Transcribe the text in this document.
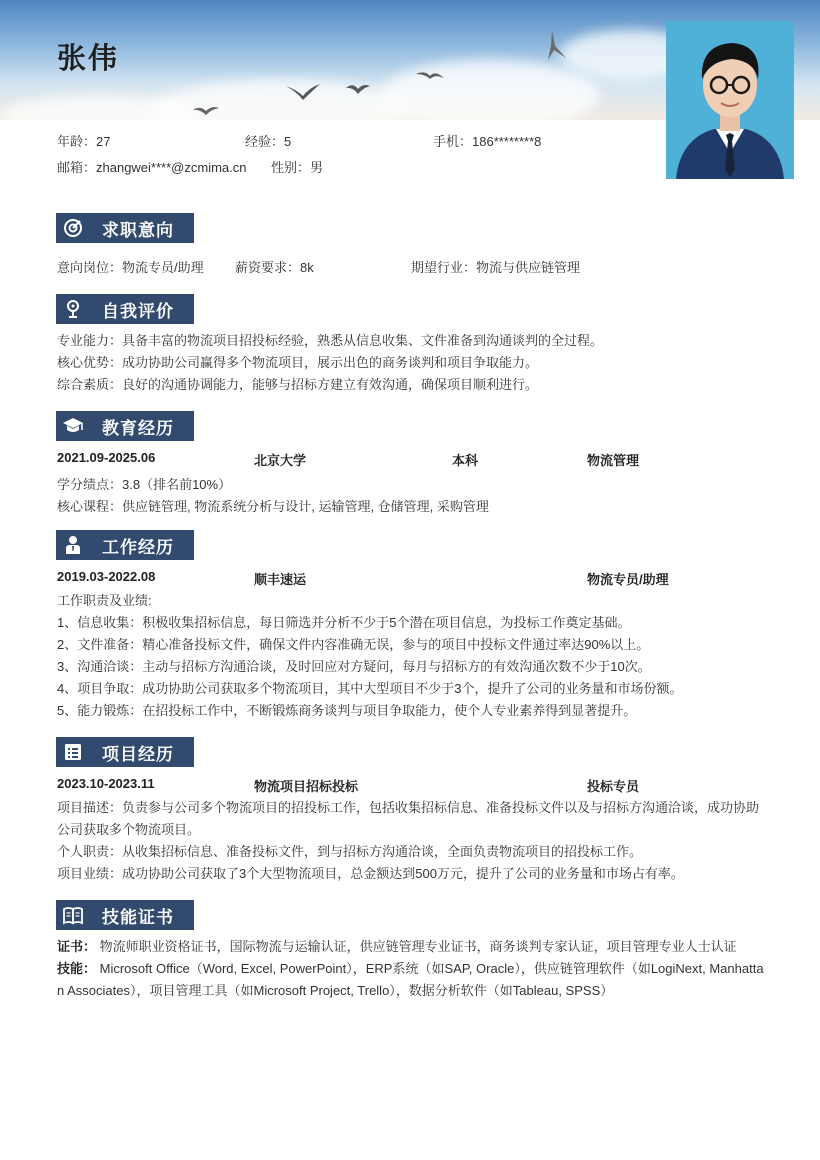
张伟
年龄：27	经验：5	手机：186********8
邮箱：zhangwei****@zcmima.cn 性别：男
求职意向
意向岗位：物流专员/助理 薪资要求：8k	期望行业：物流与供应链管理
自我评价
专业能力：具备丰富的物流项目招投标经验，熟悉从信息收集、文件准备到沟通谈判的全过程。
核心优势：成功协助公司赢得多个物流项目，展示出色的商务谈判和项目争取能力。
综合素质：良好的沟通协调能力，能够与招标方建立有效沟通，确保项目顺利进行。
教育经历
2021.09-2025.06	北京大学	本科	物流管理
学分绩点：3.8（排名前10%）
核心课程：供应链管理, 物流系统分析与设计, 运输管理, 仓储管理, 采购管理
工作经历
2019.03-2022.08	顺丰速运	物流专员/助理
工作职责及业绩:
1、信息收集：积极收集招标信息，每日筛选并分析不少于5个潜在项目信息，为投标工作奠定基础。
2、文件准备：精心准备投标文件，确保文件内容准确无误，参与的项目中投标文件通过率达90%以上。
3、沟通洽谈：主动与招标方沟通洽谈，及时回应对方疑问，每月与招标方的有效沟通次数不少于10次。
4、项目争取：成功协助公司获取多个物流项目，其中大型项目不少于3个，提升了公司的业务量和市场份额。
5、能力锻炼：在招投标工作中，不断锻炼商务谈判与项目争取能力，使个人专业素养得到显著提升。
项目经历
2023.10-2023.11	物流项目招标投标	投标专员
项目描述：负责参与公司多个物流项目的招投标工作，包括收集招标信息、准备投标文件以及与招标方沟通洽谈，成功协助公司获取多个物流项目。
个人职责：从收集招标信息、准备投标文件，到与招标方沟通洽谈，全面负责物流项目的招投标工作。
项目业绩：成功协助公司获取了3个大型物流项目，总金额达到500万元，提升了公司的业务量和市场占有率。
技能证书
证书： 物流师职业资格证书，国际物流与运输认证，供应链管理专业证书，商务谈判专家认证，项目管理专业人士认证
技能： Microsoft Office（Word, Excel, PowerPoint），ERP系统（如SAP, Oracle），供应链管理软件（如LogiNext, Manhattan Associates），项目管理工具（如Microsoft Project, Trello），数据分析软件（如Tableau, SPSS）
